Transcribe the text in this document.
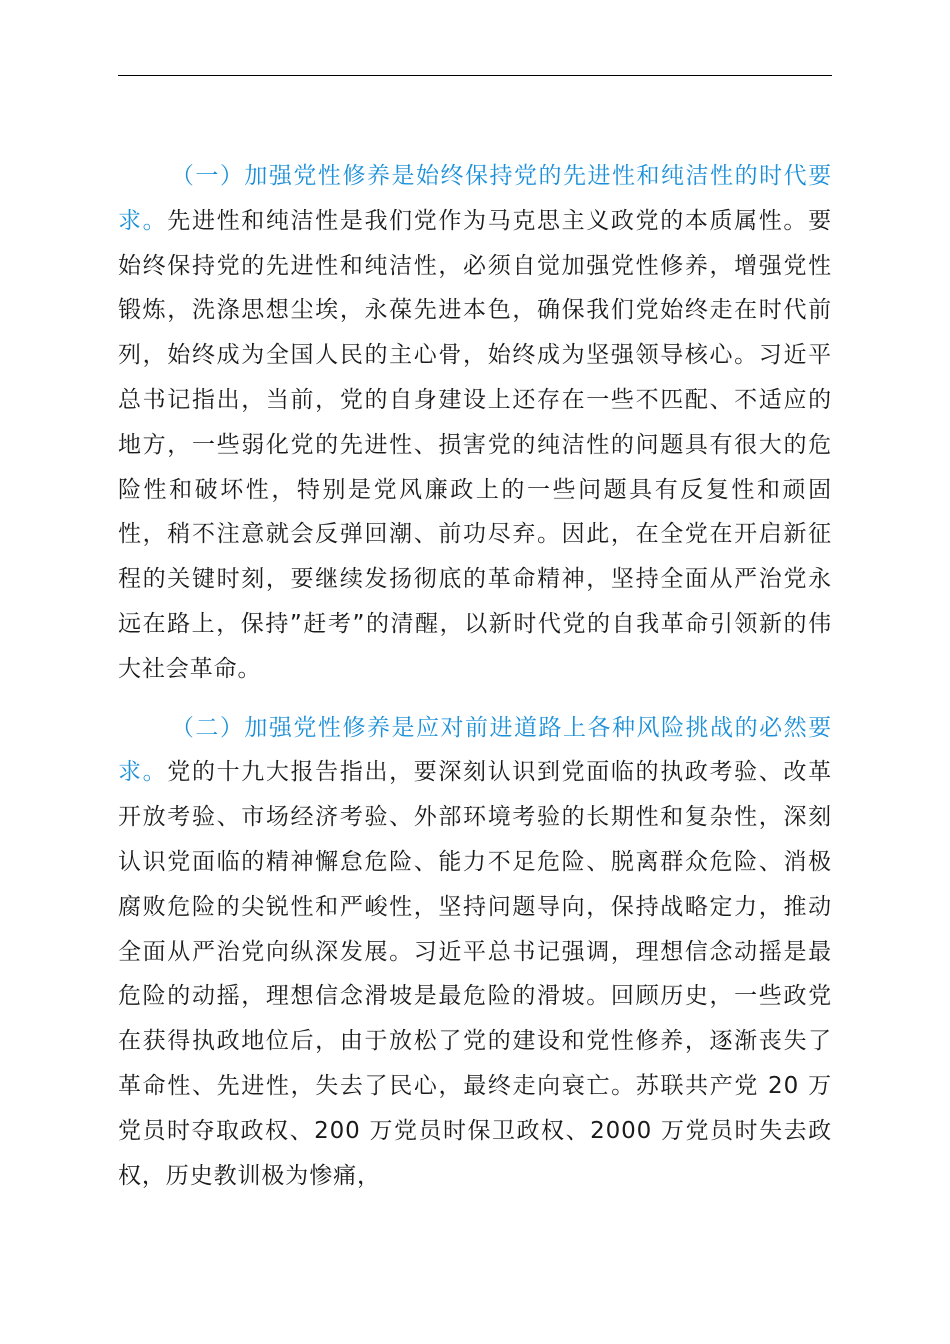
（一）加强党性修养是始终保持党的先进性和纯洁性的时代要求。先进性和纯洁性是我们党作为马克思主义政党的本质属性。要始终保持党的先进性和纯洁性，必须自觉加强党性修养，增强党性锻炼，洗涤思想尘埃，永葆先进本色，确保我们党始终走在时代前列，始终成为全国人民的主心骨，始终成为坚强领导核心。习近平总书记指出，当前，党的自身建设上还存在一些不匹配、不适应的地方，一些弱化党的先进性、损害党的纯洁性的问题具有很大的危险性和破坏性，特别是党风廉政上的一些问题具有反复性和顽固性，稍不注意就会反弹回潮、前功尽弃。因此，在全党在开启新征程的关键时刻，要继续发扬彻底的革命精神，坚持全面从严治党永远在路上，保持”赶考”的清醒，以新时代党的自我革命引领新的伟大社会革命。

（二）加强党性修养是应对前进道路上各种风险挑战的必然要求。党的十九大报告指出，要深刻认识到党面临的执政考验、改革开放考验、市场经济考验、外部环境考验的长期性和复杂性，深刻认识党面临的精神懈怠危险、能力不足危险、脱离群众危险、消极腐败危险的尖锐性和严峻性，坚持问题导向，保持战略定力，推动全面从严治党向纵深发展。习近平总书记强调，理想信念动摇是最危险的动摇，理想信念滑坡是最危险的滑坡。回顾历史，一些政党在获得执政地位后，由于放松了党的建设和党性修养，逐渐丧失了革命性、先进性，失去了民心，最终走向衰亡。苏联共产党 20 万党员时夺取政权、200 万党员时保卫政权、2000 万党员时失去政权，历史教训极为惨痛，
